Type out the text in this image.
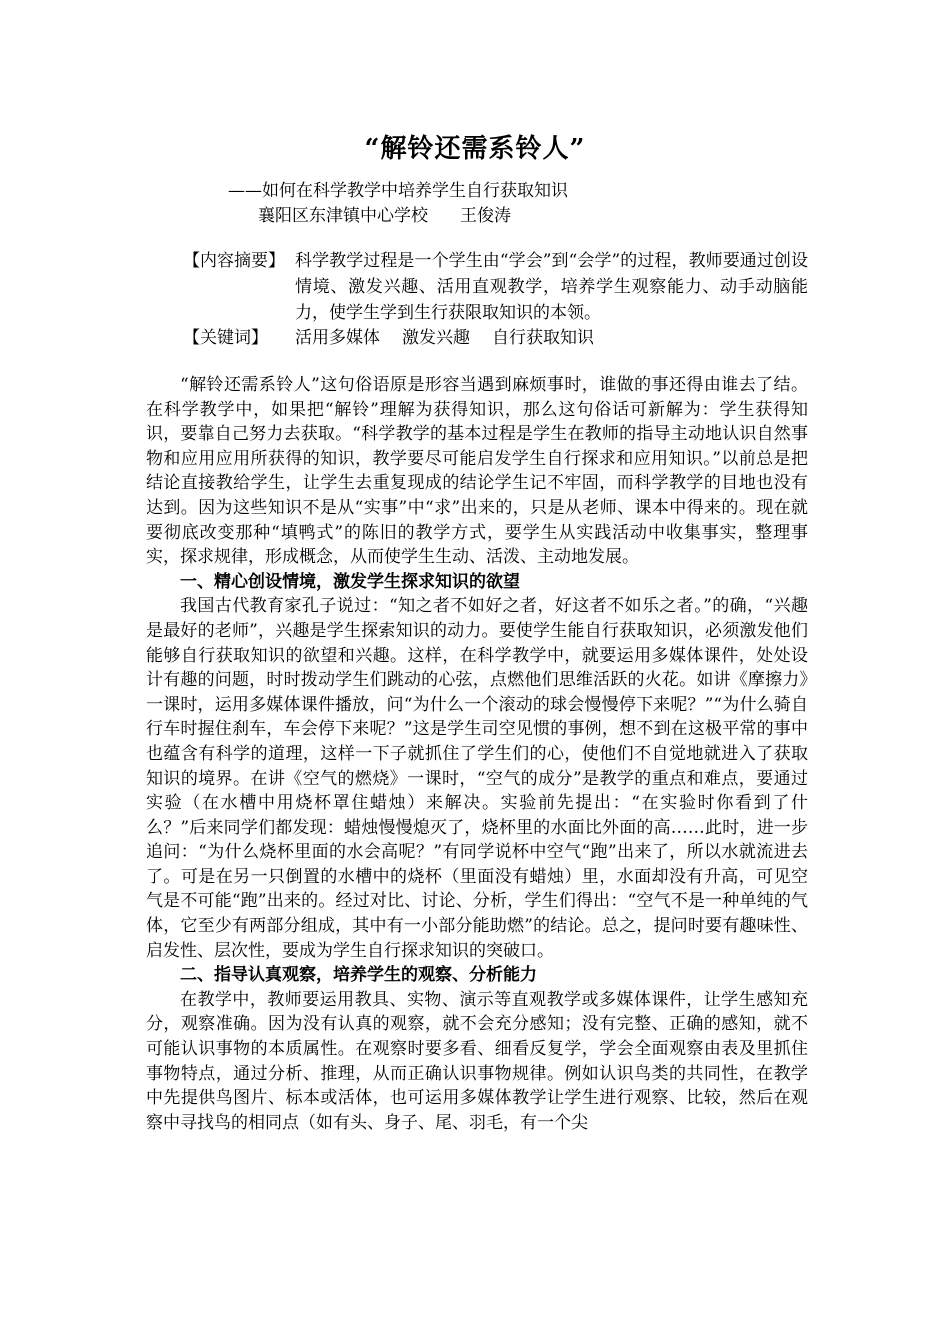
“解铃还需系铃人”
——如何在科学教学中培养学生自行获取知识
襄阳区东津镇中心学校 王俊涛
【内容摘要】 科学教学过程是一个学生由“学会”到“会学”的过程，教师要通过创设情境、激发兴趣、活用直观教学，培养学生观察能力、动手动脑能力，使学生学到生行获限取知识的本领。
【关键词】 活用多媒体 激发兴趣 自行获取知识

“解铃还需系铃人”这句俗语原是形容当遇到麻烦事时，谁做的事还得由谁去了结。在科学教学中，如果把“解铃”理解为获得知识，那么这句俗话可新解为：学生获得知识，要靠自己努力去获取。“科学教学的基本过程是学生在教师的指导主动地认识自然事物和应用应用所获得的知识，教学要尽可能启发学生自行探求和应用知识。”以前总是把结论直接教给学生，让学生去重复现成的结论学生记不牢固，而科学教学的目地也没有达到。因为这些知识不是从“实事”中“求”出来的，只是从老师、课本中得来的。现在就要彻底改变那种“填鸭式”的陈旧的教学方式，要学生从实践活动中收集事实，整理事实，探求规律，形成概念，从而使学生生动、活泼、主动地发展。

一、精心创设情境，激发学生探求知识的欲望

我国古代教育家孔子说过：“知之者不如好之者，好这者不如乐之者。”的确，“兴趣是最好的老师”，兴趣是学生探索知识的动力。要使学生能自行获取知识，必须激发他们能够自行获取知识的欲望和兴趣。这样，在科学教学中，就要运用多媒体课件，处处设计有趣的问题，时时拨动学生们跳动的心弦，点燃他们思维活跃的火花。如讲《摩擦力》一课时，运用多媒体课件播放，问“为什么一个滚动的球会慢慢停下来呢？”“为什么骑自行车时握住刹车，车会停下来呢？”这是学生司空见惯的事例，想不到在这极平常的事中也蕴含有科学的道理，这样一下子就抓住了学生们的心，使他们不自觉地就进入了获取知识的境界。在讲《空气的燃烧》一课时，“空气的成分”是教学的重点和难点，要通过实验（在水槽中用烧杯罩住蜡烛）来解决。实验前先提出：“在实验时你看到了什么？”后来同学们都发现：蜡烛慢慢熄灭了，烧杯里的水面比外面的高……此时，进一步追问：“为什么烧杯里面的水会高呢？”有同学说杯中空气“跑”出来了，所以水就流进去了。可是在另一只倒置的水槽中的烧杯（里面没有蜡烛）里，水面却没有升高，可见空气是不可能“跑”出来的。经过对比、讨论、分析，学生们得出：“空气不是一种单纯的气体，它至少有两部分组成，其中有一小部分能助燃”的结论。总之，提问时要有趣味性、启发性、层次性，要成为学生自行探求知识的突破口。

二、指导认真观察，培养学生的观察、分析能力

在教学中，教师要运用教具、实物、演示等直观教学或多媒体课件，让学生感知充分，观察准确。因为没有认真的观察，就不会充分感知；没有完整、正确的感知，就不可能认识事物的本质属性。在观察时要多看、细看反复学，学会全面观察由表及里抓住事物特点，通过分析、推理，从而正确认识事物规律。例如认识鸟类的共同性，在教学中先提供鸟图片、标本或活体，也可运用多媒体教学让学生进行观察、比较，然后在观察中寻找鸟的相同点（如有头、身子、尾、羽毛，有一个尖
